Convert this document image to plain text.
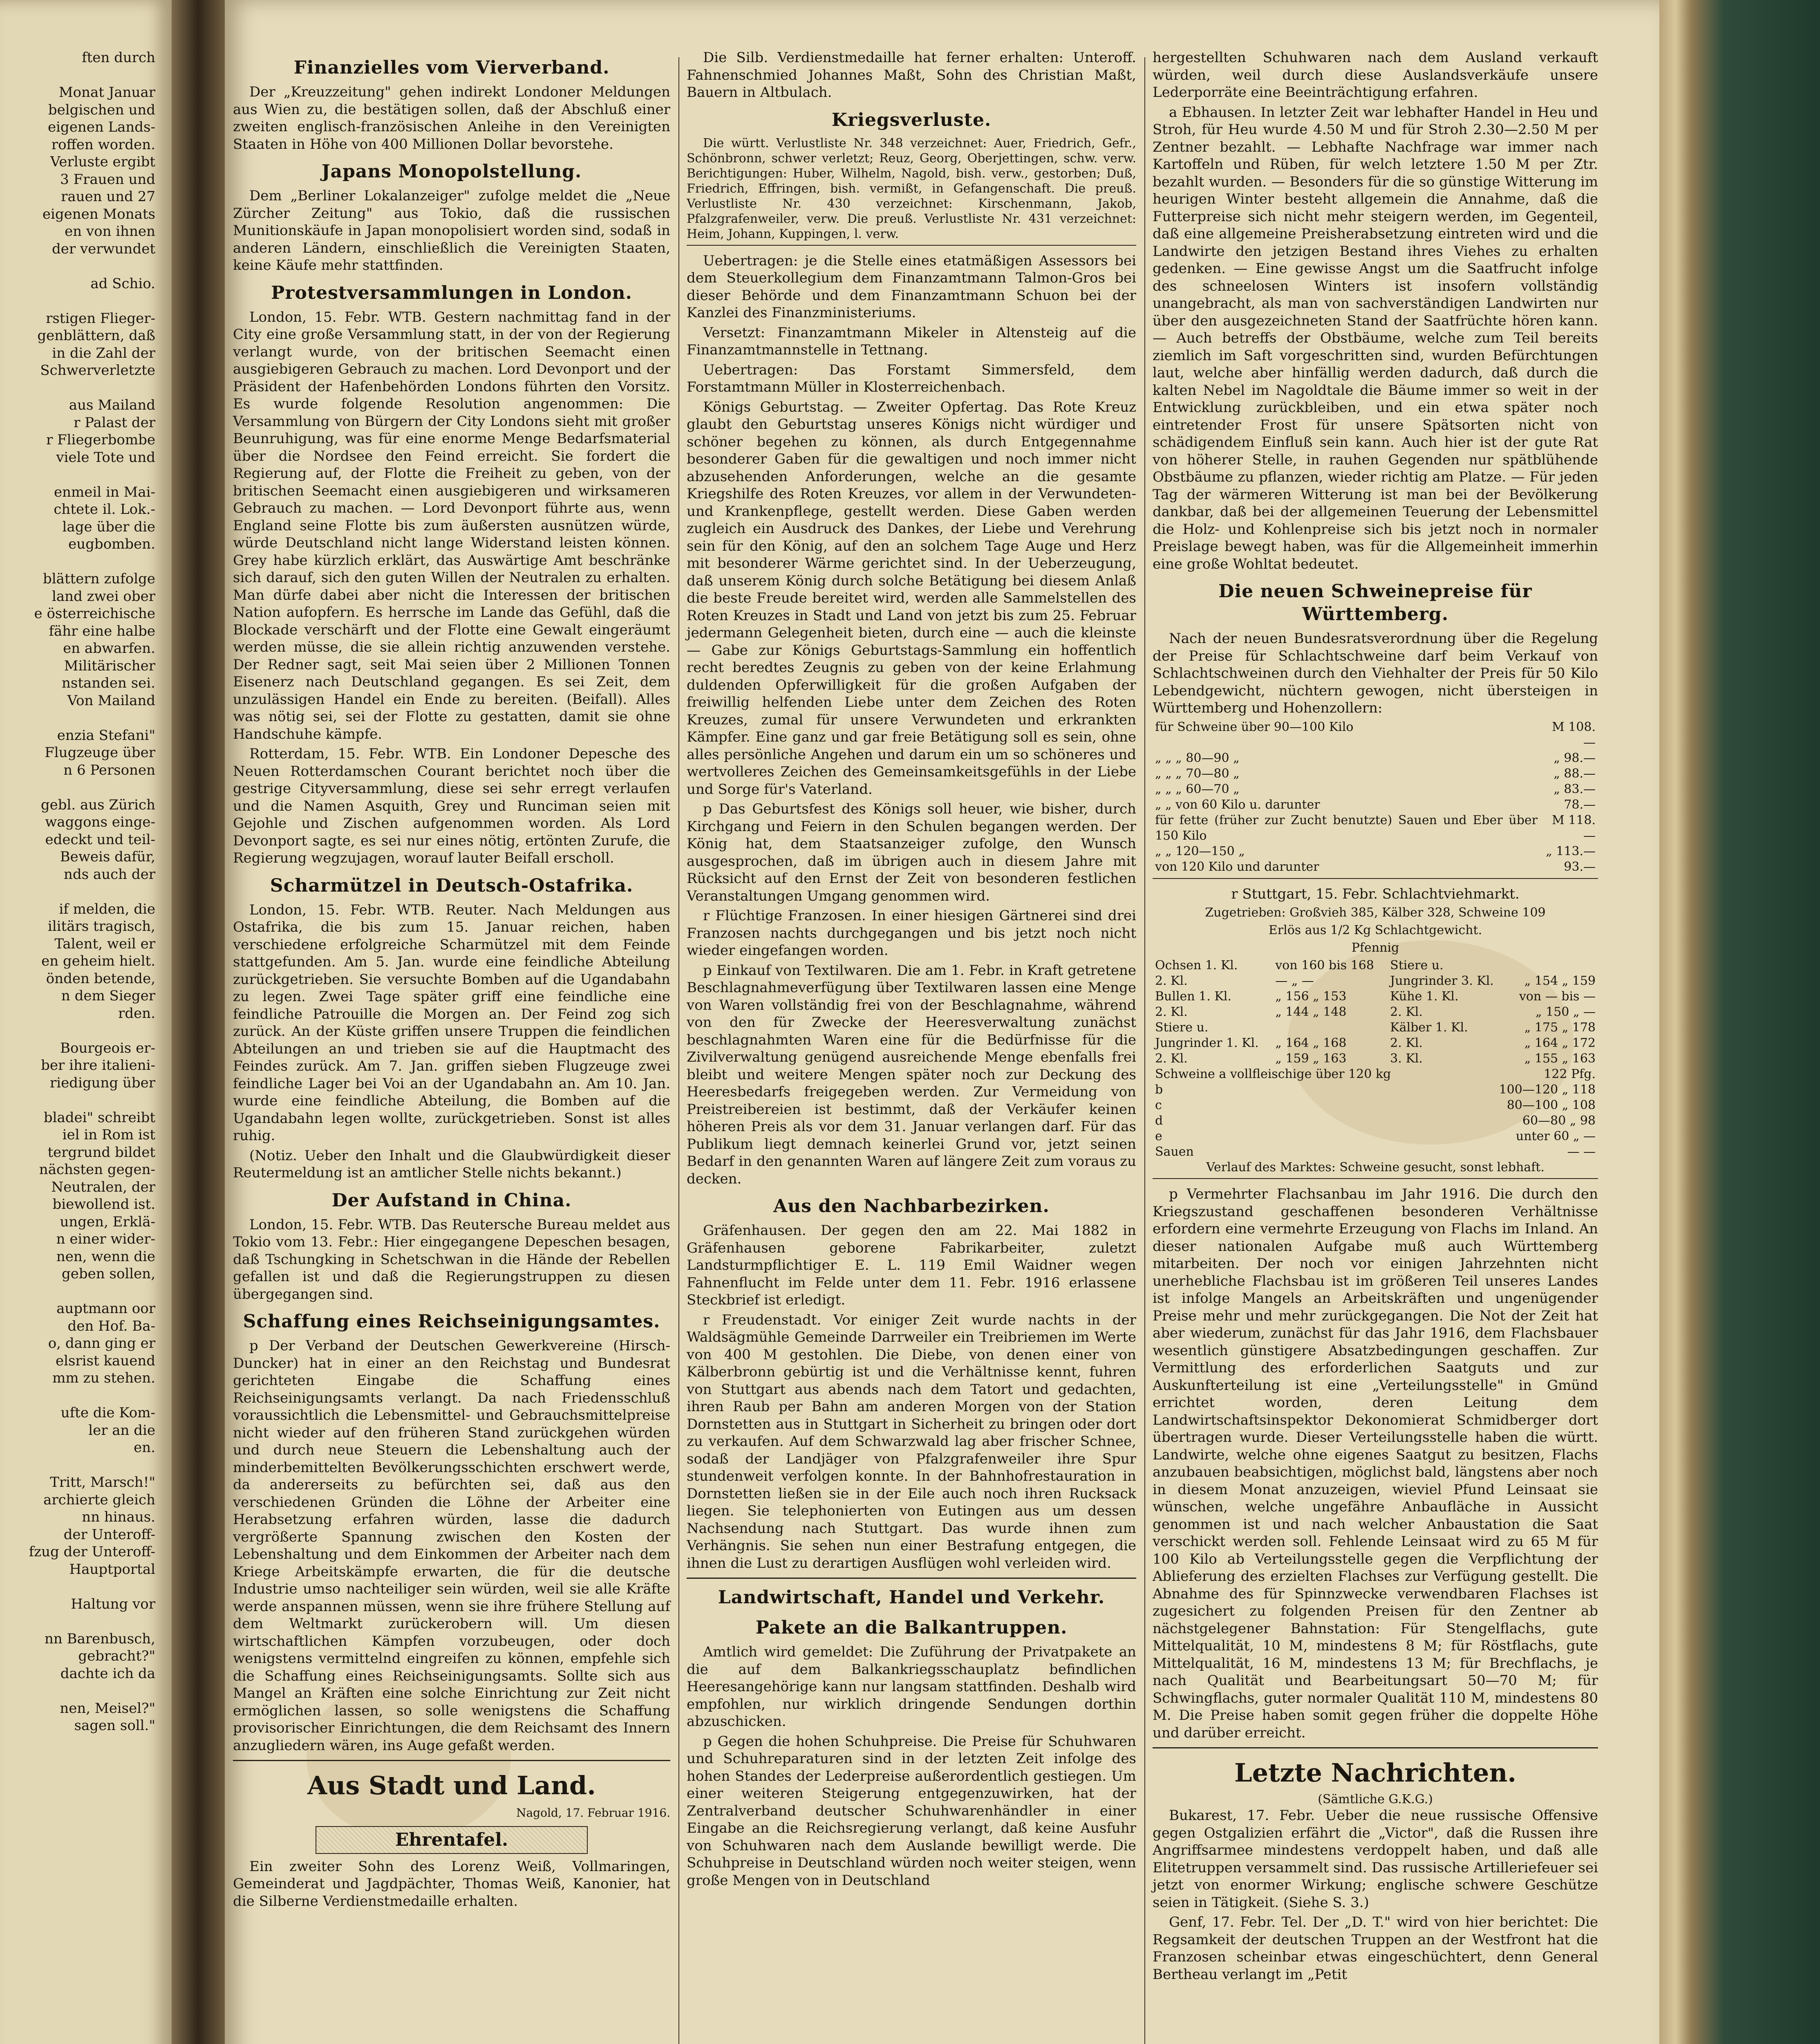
ften durch

Monat Januar
belgischen und
eigenen Lands-
roffen worden.
Verluste ergibt
3 Frauen und
rauen und 27
eigenen Monats
en von ihnen
der verwundet

ad Schio.

rstigen Flieger-
genblättern, daß
in die Zahl der
Schwerverletzte

aus Mailand
r Palast der
r Fliegerbombe
viele Tote und

enmeil in Mai-
chtete il. Lok.-
lage über die
eugbomben.

blättern zufolge
land zwei ober
e österreichische
fähr eine halbe
en abwarfen.
Militärischer
nstanden sei.
Von Mailand

enzia Stefani"
Flugzeuge über
n 6 Personen

gebl. aus Zürich
waggons einge-
edeckt und teil-
Beweis dafür,
nds auch der

if melden, die
ilitärs tragisch,
Talent, weil er
en geheim hielt.
önden betende,
n dem Sieger
rden.

Bourgeois er-
ber ihre italieni-
riedigung über

bladei" schreibt
iel in Rom ist
tergrund bildet
nächsten gegen-
Neutralen, der
biewollend ist.
ungen, Erklä-
n einer wider-
nen, wenn die
geben sollen,

auptmann oor
den Hof. Ba-
o, dann ging er
elsrist kauend
mm zu stehen.

ufte die Kom-
ler an die
en.

Tritt, Marsch!"
archierte gleich
nn hinaus.
der Unteroff-
fzug der Unteroff-
Hauptportal

Haltung vor

nn Barenbusch,
gebracht?"
dachte ich da

nen, Meisel?"
sagen soll."
Finanzielles vom Vierverband.

Der „Kreuzzeitung" gehen indirekt Londoner Meldungen aus Wien zu, die bestätigen sollen, daß der Abschluß einer zweiten englisch-französischen Anleihe in den Vereinigten Staaten in Höhe von 400 Millionen Dollar bevorstehe.

Japans Monopolstellung.

Dem „Berliner Lokalanzeiger" zufolge meldet die „Neue Zürcher Zeitung" aus Tokio, daß die russischen Munitionskäufe in Japan monopolisiert worden sind, sodaß in anderen Ländern, einschließlich die Vereinigten Staaten, keine Käufe mehr stattfinden.

Protestversammlungen in London.

London, 15. Febr. WTB. Gestern nachmittag fand in der City eine große Versammlung statt, in der von der Regierung verlangt wurde, von der britischen Seemacht einen ausgiebigeren Gebrauch zu machen. Lord Devonport und der Präsident der Hafenbehörden Londons führten den Vorsitz. Es wurde folgende Resolution angenommen: Die Versammlung von Bürgern der City Londons sieht mit großer Beunruhigung, was für eine enorme Menge Bedarfsmaterial über die Nordsee den Feind erreicht. Sie fordert die Regierung auf, der Flotte die Freiheit zu geben, von der britischen Seemacht einen ausgiebigeren und wirksameren Gebrauch zu machen. — Lord Devonport führte aus, wenn England seine Flotte bis zum äußersten ausnützen würde, würde Deutschland nicht lange Widerstand leisten können. Grey habe kürzlich erklärt, das Auswärtige Amt beschränke sich darauf, sich den guten Willen der Neutralen zu erhalten. Man dürfe dabei aber nicht die Interessen der britischen Nation aufopfern. Es herrsche im Lande das Gefühl, daß die Blockade verschärft und der Flotte eine Gewalt eingeräumt werden müsse, die sie allein richtig anzuwenden verstehe. Der Redner sagt, seit Mai seien über 2 Millionen Tonnen Eisenerz nach Deutschland gegangen. Es sei Zeit, dem unzulässigen Handel ein Ende zu bereiten. (Beifall). Alles was nötig sei, sei der Flotte zu gestatten, damit sie ohne Handschuhe kämpfe.

Rotterdam, 15. Febr. WTB. Ein Londoner Depesche des Neuen Rotterdamschen Courant berichtet noch über die gestrige Cityversammlung, diese sei sehr erregt verlaufen und die Namen Asquith, Grey und Runciman seien mit Gejohle und Zischen aufgenommen worden. Als Lord Devonport sagte, es sei nur eines nötig, ertönten Zurufe, die Regierung wegzujagen, worauf lauter Beifall erscholl.

Scharmützel in Deutsch-Ostafrika.

London, 15. Febr. WTB. Reuter. Nach Meldungen aus Ostafrika, die bis zum 15. Januar reichen, haben verschiedene erfolgreiche Scharmützel mit dem Feinde stattgefunden. Am 5. Jan. wurde eine feindliche Abteilung zurückgetrieben. Sie versuchte Bomben auf die Ugandabahn zu legen. Zwei Tage später griff eine feindliche eine feindliche Patrouille die Morgen an. Der Feind zog sich zurück. An der Küste griffen unsere Truppen die feindlichen Abteilungen an und trieben sie auf die Hauptmacht des Feindes zurück. Am 7. Jan. griffen sieben Flugzeuge zwei feindliche Lager bei Voi an der Ugandabahn an. Am 10. Jan. wurde eine feindliche Abteilung, die Bomben auf die Ugandabahn legen wollte, zurückgetrieben. Sonst ist alles ruhig.

(Notiz. Ueber den Inhalt und die Glaubwürdigkeit dieser Reutermeldung ist an amtlicher Stelle nichts bekannt.)

Der Aufstand in China.

London, 15. Febr. WTB. Das Reutersche Bureau meldet aus Tokio vom 13. Febr.: Hier eingegangene Depeschen besagen, daß Tschungking in Schetschwan in die Hände der Rebellen gefallen ist und daß die Regierungstruppen zu diesen übergegangen sind.

Schaffung eines Reichseinigungsamtes.

p Der Verband der Deutschen Gewerkvereine (Hirsch-Duncker) hat in einer an den Reichstag und Bundesrat gerichteten Eingabe die Schaffung eines Reichseinigungsamts verlangt. Da nach Friedensschluß voraussichtlich die Lebensmittel- und Gebrauchsmittelpreise nicht wieder auf den früheren Stand zurückgehen würden und durch neue Steuern die Lebenshaltung auch der minderbemittelten Bevölkerungsschichten erschwert werde, da andererseits zu befürchten sei, daß aus den verschiedenen Gründen die Löhne der Arbeiter eine Herabsetzung erfahren würden, lasse die dadurch vergrößerte Spannung zwischen den Kosten der Lebenshaltung und dem Einkommen der Arbeiter nach dem Kriege Arbeitskämpfe erwarten, die für die deutsche Industrie umso nachteiliger sein würden, weil sie alle Kräfte werde anspannen müssen, wenn sie ihre frühere Stellung auf dem Weltmarkt zurückerobern will. Um diesen wirtschaftlichen Kämpfen vorzubeugen, oder doch wenigstens vermittelnd eingreifen zu können, empfehle sich die Schaffung eines Reichseinigungsamts. Sollte sich aus Mangel an Kräften eine solche Einrichtung zur Zeit nicht ermöglichen lassen, so solle wenigstens die Schaffung provisorischer Einrichtungen, die dem Reichsamt des Innern anzugliedern wären, ins Auge gefaßt werden.

Aus Stadt und Land.
Nagold, 17. Februar 1916.
Ehrentafel.

Ein zweiter Sohn des Lorenz Weiß, Vollmaringen, Gemeinderat und Jagdpächter, Thomas Weiß, Kanonier, hat die Silberne Verdienstmedaille erhalten.

Die Silb. Verdienstmedaille hat ferner erhalten: Unteroff. Fahnenschmied Johannes Maßt, Sohn des Christian Maßt, Bauern in Altbulach.

Kriegsverluste.

Die württ. Verlustliste Nr. 348 verzeichnet: Auer, Friedrich, Gefr., Schönbronn, schwer verletzt; Reuz, Georg, Oberjettingen, schw. verw. Berichtigungen: Huber, Wilhelm, Nagold, bish. verw., gestorben; Duß, Friedrich, Effringen, bish. vermißt, in Gefangenschaft. Die preuß. Verlustliste Nr. 430 verzeichnet: Kirschenmann, Jakob, Pfalzgrafenweiler, verw. Die preuß. Verlustliste Nr. 431 verzeichnet: Heim, Johann, Kuppingen, l. verw.

Uebertragen: je die Stelle eines etatmäßigen Assessors bei dem Steuerkollegium dem Finanzamtmann Talmon-Gros bei dieser Behörde und dem Finanzamtmann Schuon bei der Kanzlei des Finanzministeriums.

Versetzt: Finanzamtmann Mikeler in Altensteig auf die Finanzamtmannstelle in Tettnang.

Uebertragen: Das Forstamt Simmersfeld, dem Forstamtmann Müller in Klosterreichenbach.

Königs Geburtstag. — Zweiter Opfertag. Das Rote Kreuz glaubt den Geburtstag unseres Königs nicht würdiger und schöner begehen zu können, als durch Entgegennahme besonderer Gaben für die gewaltigen und noch immer nicht abzusehenden Anforderungen, welche an die gesamte Kriegshilfe des Roten Kreuzes, vor allem in der Verwundeten- und Krankenpflege, gestellt werden. Diese Gaben werden zugleich ein Ausdruck des Dankes, der Liebe und Verehrung sein für den König, auf den an solchem Tage Auge und Herz mit besonderer Wärme gerichtet sind. In der Ueberzeugung, daß unserem König durch solche Betätigung bei diesem Anlaß die beste Freude bereitet wird, werden alle Sammelstellen des Roten Kreuzes in Stadt und Land von jetzt bis zum 25. Februar jedermann Gelegenheit bieten, durch eine — auch die kleinste — Gabe zur Königs Geburtstags-Sammlung ein hoffentlich recht beredtes Zeugnis zu geben von der keine Erlahmung duldenden Opferwilligkeit für die großen Aufgaben der freiwillig helfenden Liebe unter dem Zeichen des Roten Kreuzes, zumal für unsere Verwundeten und erkrankten Kämpfer. Eine ganz und gar freie Betätigung soll es sein, ohne alles persönliche Angehen und darum ein um so schöneres und wertvolleres Zeichen des Gemeinsamkeitsgefühls in der Liebe und Sorge für's Vaterland.

p Das Geburtsfest des Königs soll heuer, wie bisher, durch Kirchgang und Feiern in den Schulen begangen werden. Der König hat, dem Staatsanzeiger zufolge, den Wunsch ausgesprochen, daß im übrigen auch in diesem Jahre mit Rücksicht auf den Ernst der Zeit von besonderen festlichen Veranstaltungen Umgang genommen wird.

r Flüchtige Franzosen. In einer hiesigen Gärtnerei sind drei Franzosen nachts durchgegangen und bis jetzt noch nicht wieder eingefangen worden.

p Einkauf von Textilwaren. Die am 1. Febr. in Kraft getretene Beschlagnahmeverfügung über Textilwaren lassen eine Menge von Waren vollständig frei von der Beschlagnahme, während von den für Zwecke der Heeresverwaltung zunächst beschlagnahmten Waren eine für die Bedürfnisse für die Zivilverwaltung genügend ausreichende Menge ebenfalls frei bleibt und weitere Mengen später noch zur Deckung des Heeresbedarfs freigegeben werden. Zur Vermeidung von Preistreibereien ist bestimmt, daß der Verkäufer keinen höheren Preis als vor dem 31. Januar verlangen darf. Für das Publikum liegt demnach keinerlei Grund vor, jetzt seinen Bedarf in den genannten Waren auf längere Zeit zum voraus zu decken.

Aus den Nachbarbezirken.

Gräfenhausen. Der gegen den am 22. Mai 1882 in Gräfenhausen geborene Fabrikarbeiter, zuletzt Landsturmpflichtiger E. L. 119 Emil Waidner wegen Fahnenflucht im Felde unter dem 11. Febr. 1916 erlassene Steckbrief ist erledigt.

r Freudenstadt. Vor einiger Zeit wurde nachts in der Waldsägmühle Gemeinde Darrweiler ein Treibriemen im Werte von 400 M gestohlen. Die Diebe, von denen einer von Kälberbronn gebürtig ist und die Verhältnisse kennt, fuhren von Stuttgart aus abends nach dem Tatort und gedachten, ihren Raub per Bahn am anderen Morgen von der Station Dornstetten aus in Stuttgart in Sicherheit zu bringen oder dort zu verkaufen. Auf dem Schwarzwald lag aber frischer Schnee, sodaß der Landjäger von Pfalzgrafenweiler ihre Spur stundenweit verfolgen konnte. In der Bahnhofrestauration in Dornstetten ließen sie in der Eile auch noch ihren Rucksack liegen. Sie telephonierten von Eutingen aus um dessen Nachsendung nach Stuttgart. Das wurde ihnen zum Verhängnis. Sie sehen nun einer Bestrafung entgegen, die ihnen die Lust zu derartigen Ausflügen wohl verleiden wird.

Landwirtschaft, Handel und Verkehr.
Pakete an die Balkantruppen.

Amtlich wird gemeldet: Die Zuführung der Privatpakete an die auf dem Balkankriegsschauplatz befindlichen Heeresangehörige kann nur langsam stattfinden. Deshalb wird empfohlen, nur wirklich dringende Sendungen dorthin abzuschicken.

p Gegen die hohen Schuhpreise. Die Preise für Schuhwaren und Schuhreparaturen sind in der letzten Zeit infolge des hohen Standes der Lederpreise außerordentlich gestiegen. Um einer weiteren Steigerung entgegenzuwirken, hat der Zentralverband deutscher Schuhwarenhändler in einer Eingabe an die Reichsregierung verlangt, daß keine Ausfuhr von Schuhwaren nach dem Auslande bewilligt werde. Die Schuhpreise in Deutschland würden noch weiter steigen, wenn große Mengen von in Deutschland

hergestellten Schuhwaren nach dem Ausland verkauft würden, weil durch diese Auslandsverkäufe unsere Lederporräte eine Beeinträchtigung erfahren.

a Ebhausen. In letzter Zeit war lebhafter Handel in Heu und Stroh, für Heu wurde 4.50 M und für Stroh 2.30—2.50 M per Zentner bezahlt. — Lebhafte Nachfrage war immer nach Kartoffeln und Rüben, für welch letztere 1.50 M per Ztr. bezahlt wurden. — Besonders für die so günstige Witterung im heurigen Winter besteht allgemein die Annahme, daß die Futterpreise sich nicht mehr steigern werden, im Gegenteil, daß eine allgemeine Preisherabsetzung eintreten wird und die Landwirte den jetzigen Bestand ihres Viehes zu erhalten gedenken. — Eine gewisse Angst um die Saatfrucht infolge des schneelosen Winters ist insofern vollständig unangebracht, als man von sachverständigen Landwirten nur über den ausgezeichneten Stand der Saatfrüchte hören kann. — Auch betreffs der Obstbäume, welche zum Teil bereits ziemlich im Saft vorgeschritten sind, wurden Befürchtungen laut, welche aber hinfällig werden dadurch, daß durch die kalten Nebel im Nagoldtale die Bäume immer so weit in der Entwicklung zurückbleiben, und ein etwa später noch eintretender Frost für unsere Spätsorten nicht von schädigendem Einfluß sein kann. Auch hier ist der gute Rat von höherer Stelle, in rauhen Gegenden nur spätblühende Obstbäume zu pflanzen, wieder richtig am Platze. — Für jeden Tag der wärmeren Witterung ist man bei der Bevölkerung dankbar, daß bei der allgemeinen Teuerung der Lebensmittel die Holz- und Kohlenpreise sich bis jetzt noch in normaler Preislage bewegt haben, was für die Allgemeinheit immerhin eine große Wohltat bedeutet.

Die neuen Schweinepreise für Württemberg.

Nach der neuen Bundesratsverordnung über die Regelung der Preise für Schlachtschweine darf beim Verkauf von Schlachtschweinen durch den Viehhalter der Preis für 50 Kilo Lebendgewicht, nüchtern gewogen, nicht übersteigen in Württemberg und Hohenzollern:

für Schweine über 90—100 Kilo	M 108.—
„ „ „ 80—90 „	„ 98.—
„ „ „ 70—80 „	„ 88.—
„ „ „ 60—70 „	„ 83.—
„ „ von 60 Kilo u. darunter	78.—
für fette (früher zur Zucht benutzte) Sauen und Eber über 150 Kilo	M 118.—
„ „ 120—150 „	„ 113.—
von 120 Kilo und darunter	93.—

r Stuttgart, 15. Febr. Schlachtviehmarkt.

Zugetrieben: Großvieh 385, Kälber 328, Schweine 109

Erlös aus 1/2 Kg Schlachtgewicht.

Pfennig

Ochsen 1. Kl.	von 160 bis 168	Stiere u.	
2. Kl.	— „ —	Jungrinder 3. Kl.	„ 154 „ 159
Bullen 1. Kl.	„ 156 „ 153	Kühe 1. Kl.	von — bis —
2. Kl.	„ 144 „ 148	2. Kl.	„ 150 „ —
Stiere u.		Kälber 1. Kl.	„ 175 „ 178
Jungrinder 1. Kl.	„ 164 „ 168	2. Kl.	„ 164 „ 172
2. Kl.	„ 159 „ 163	3. Kl.	„ 155 „ 163
Schweine a vollfleischige über 120 kg	122 Pfg.
b	100—120 „ 118
c	80—100 „ 108
d	60—80 „ 98
e	unter 60 „ —
Sauen	— —

Verlauf des Marktes: Schweine gesucht, sonst lebhaft.

p Vermehrter Flachsanbau im Jahr 1916. Die durch den Kriegszustand geschaffenen besonderen Verhältnisse erfordern eine vermehrte Erzeugung von Flachs im Inland. An dieser nationalen Aufgabe muß auch Württemberg mitarbeiten. Der noch vor einigen Jahrzehnten nicht unerhebliche Flachsbau ist im größeren Teil unseres Landes ist infolge Mangels an Arbeitskräften und ungenügender Preise mehr und mehr zurückgegangen. Die Not der Zeit hat aber wiederum, zunächst für das Jahr 1916, dem Flachsbauer wesentlich günstigere Absatzbedingungen geschaffen. Zur Vermittlung des erforderlichen Saatguts und zur Auskunfterteilung ist eine „Verteilungsstelle" in Gmünd errichtet worden, deren Leitung dem Landwirtschaftsinspektor Dekonomierat Schmidberger dort übertragen wurde. Dieser Verteilungsstelle haben die württ. Landwirte, welche ohne eigenes Saatgut zu besitzen, Flachs anzubauen beabsichtigen, möglichst bald, längstens aber noch in diesem Monat anzuzeigen, wieviel Pfund Leinsaat sie wünschen, welche ungefähre Anbaufläche in Aussicht genommen ist und nach welcher Anbaustation die Saat verschickt werden soll. Fehlende Leinsaat wird zu 65 M für 100 Kilo ab Verteilungsstelle gegen die Verpflichtung der Ablieferung des erzielten Flachses zur Verfügung gestellt. Die Abnahme des für Spinnzwecke verwendbaren Flachses ist zugesichert zu folgenden Preisen für den Zentner ab nächstgelegener Bahnstation: Für Stengelflachs, gute Mittelqualität, 10 M, mindestens 8 M; für Röstflachs, gute Mittelqualität, 16 M, mindestens 13 M; für Brechflachs, je nach Qualität und Bearbeitungsart 50—70 M; für Schwingflachs, guter normaler Qualität 110 M, mindestens 80 M. Die Preise haben somit gegen früher die doppelte Höhe und darüber erreicht.

Letzte Nachrichten.
(Sämtliche G.K.G.)

Bukarest, 17. Febr. Ueber die neue russische Offensive gegen Ostgalizien erfährt die „Victor", daß die Russen ihre Angriffsarmee mindestens verdoppelt haben, und daß alle Elitetruppen versammelt sind. Das russische Artilleriefeuer sei jetzt von enormer Wirkung; englische schwere Geschütze seien in Tätigkeit. (Siehe S. 3.)

Genf, 17. Febr. Tel. Der „D. T." wird von hier berichtet: Die Regsamkeit der deutschen Truppen an der Westfront hat die Franzosen scheinbar etwas eingeschüchtert, denn General Bertheau verlangt im „Petit
